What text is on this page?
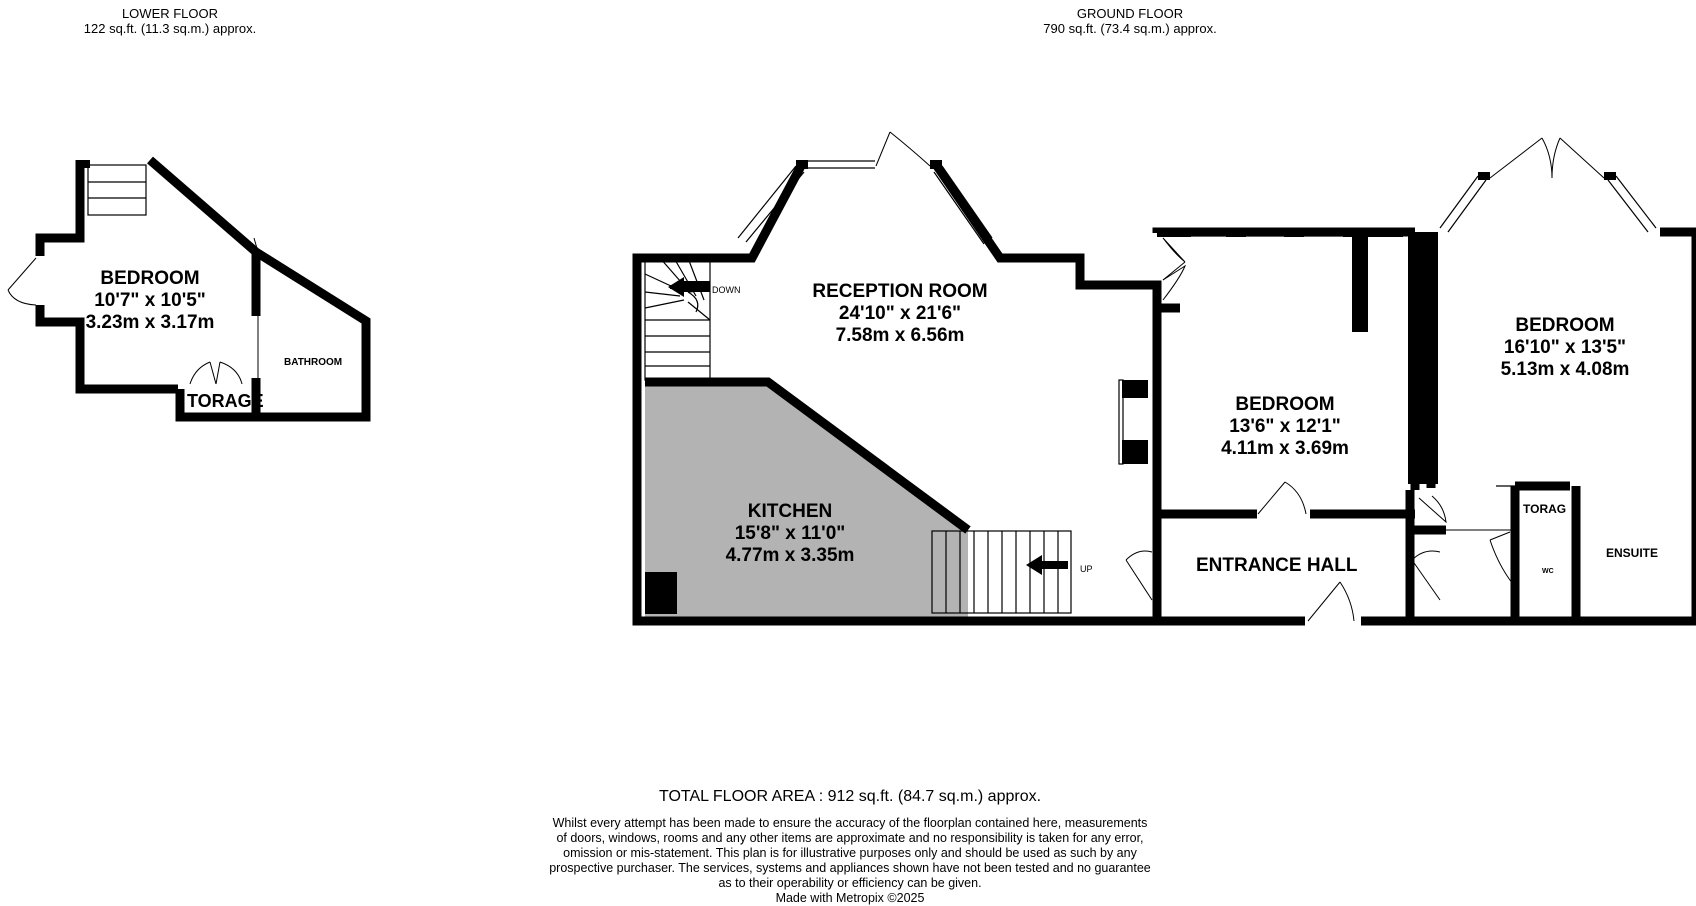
LOWER FLOOR
122 sq.ft. (11.3 sq.m.) approx.
GROUND FLOOR
790 sq.ft. (73.4 sq.m.) approx.
BEDROOM
10'7" x 10'5"
3.23m x 3.17m
RECEPTION ROOM
24'10" x 21'6"
7.58m x 6.56m
KITCHEN
15'8" x 11'0"
4.77m x 3.35m
BEDROOM
13'6" x 12'1"
4.11m x 3.69m
BEDROOM
16'10" x 13'5"
5.13m x 4.08m
ENTRANCE HALL
BATHROOM
TORAGE
TORAG
ENSUITE
WC
DOWN
UP
TOTAL FLOOR AREA : 912 sq.ft. (84.7 sq.m.) approx.
Whilst every attempt has been made to ensure the accuracy of the floorplan contained here, measurements
of doors, windows, rooms and any other items are approximate and no responsibility is taken for any error,
omission or mis-statement. This plan is for illustrative purposes only and should be used as such by any
prospective purchaser. The services, systems and appliances shown have not been tested and no guarantee
as to their operability or efficiency can be given.
Made with Metropix ©2025
